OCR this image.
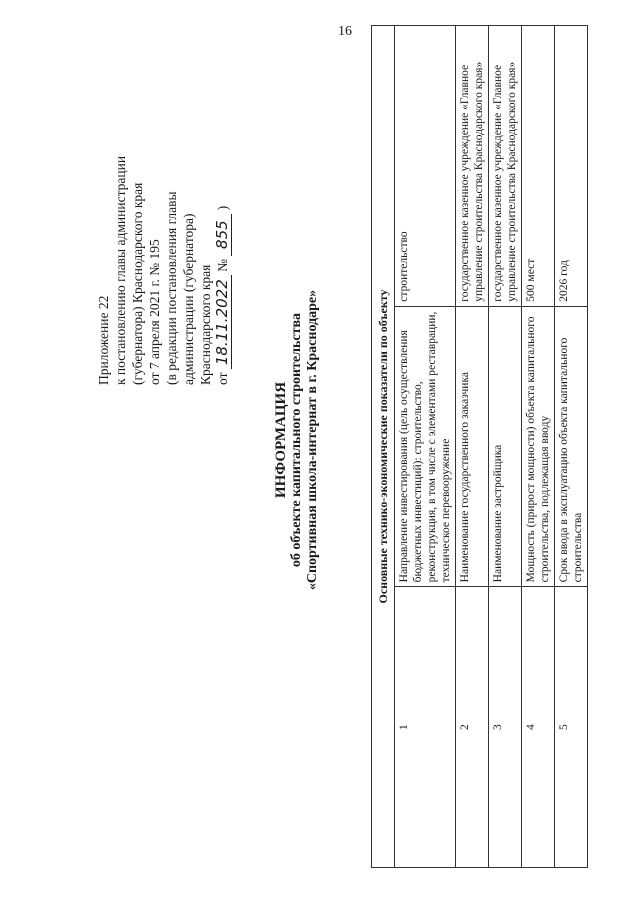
16
Приложение 22 к постановлению главы администрации (губернатора) Краснодарского края от 7 апреля 2021 г. № 195 (в редакции постановления главы администрации (губернатора) Краснодарского края от 18.11.2022 № 855 )
ИНФОРМАЦИЯ об объекте капитального строительства «Спортивная школа-интернат в г. Краснодаре»	Основные технико-экономические показатели по объекту		
1	Направление инвестирования (цель осуществления бюджетных инвестиций): строительство, реконструкция, в том числе с элементами реставрации, техническое перевооружение	строительство
2	Наименование государственного заказчика	государственное казенное учреждение «Главное управление строительства Краснодарского края»
3	Наименование застройщика	государственное казенное учреждение «Главное управление строительства Краснодарского края»
4	Мощность (прирост мощности) объекта капитального строительства, подлежащая вводу	500 мест
5	Срок ввода в эксплуатацию объекта капитального строительства	2026 год
